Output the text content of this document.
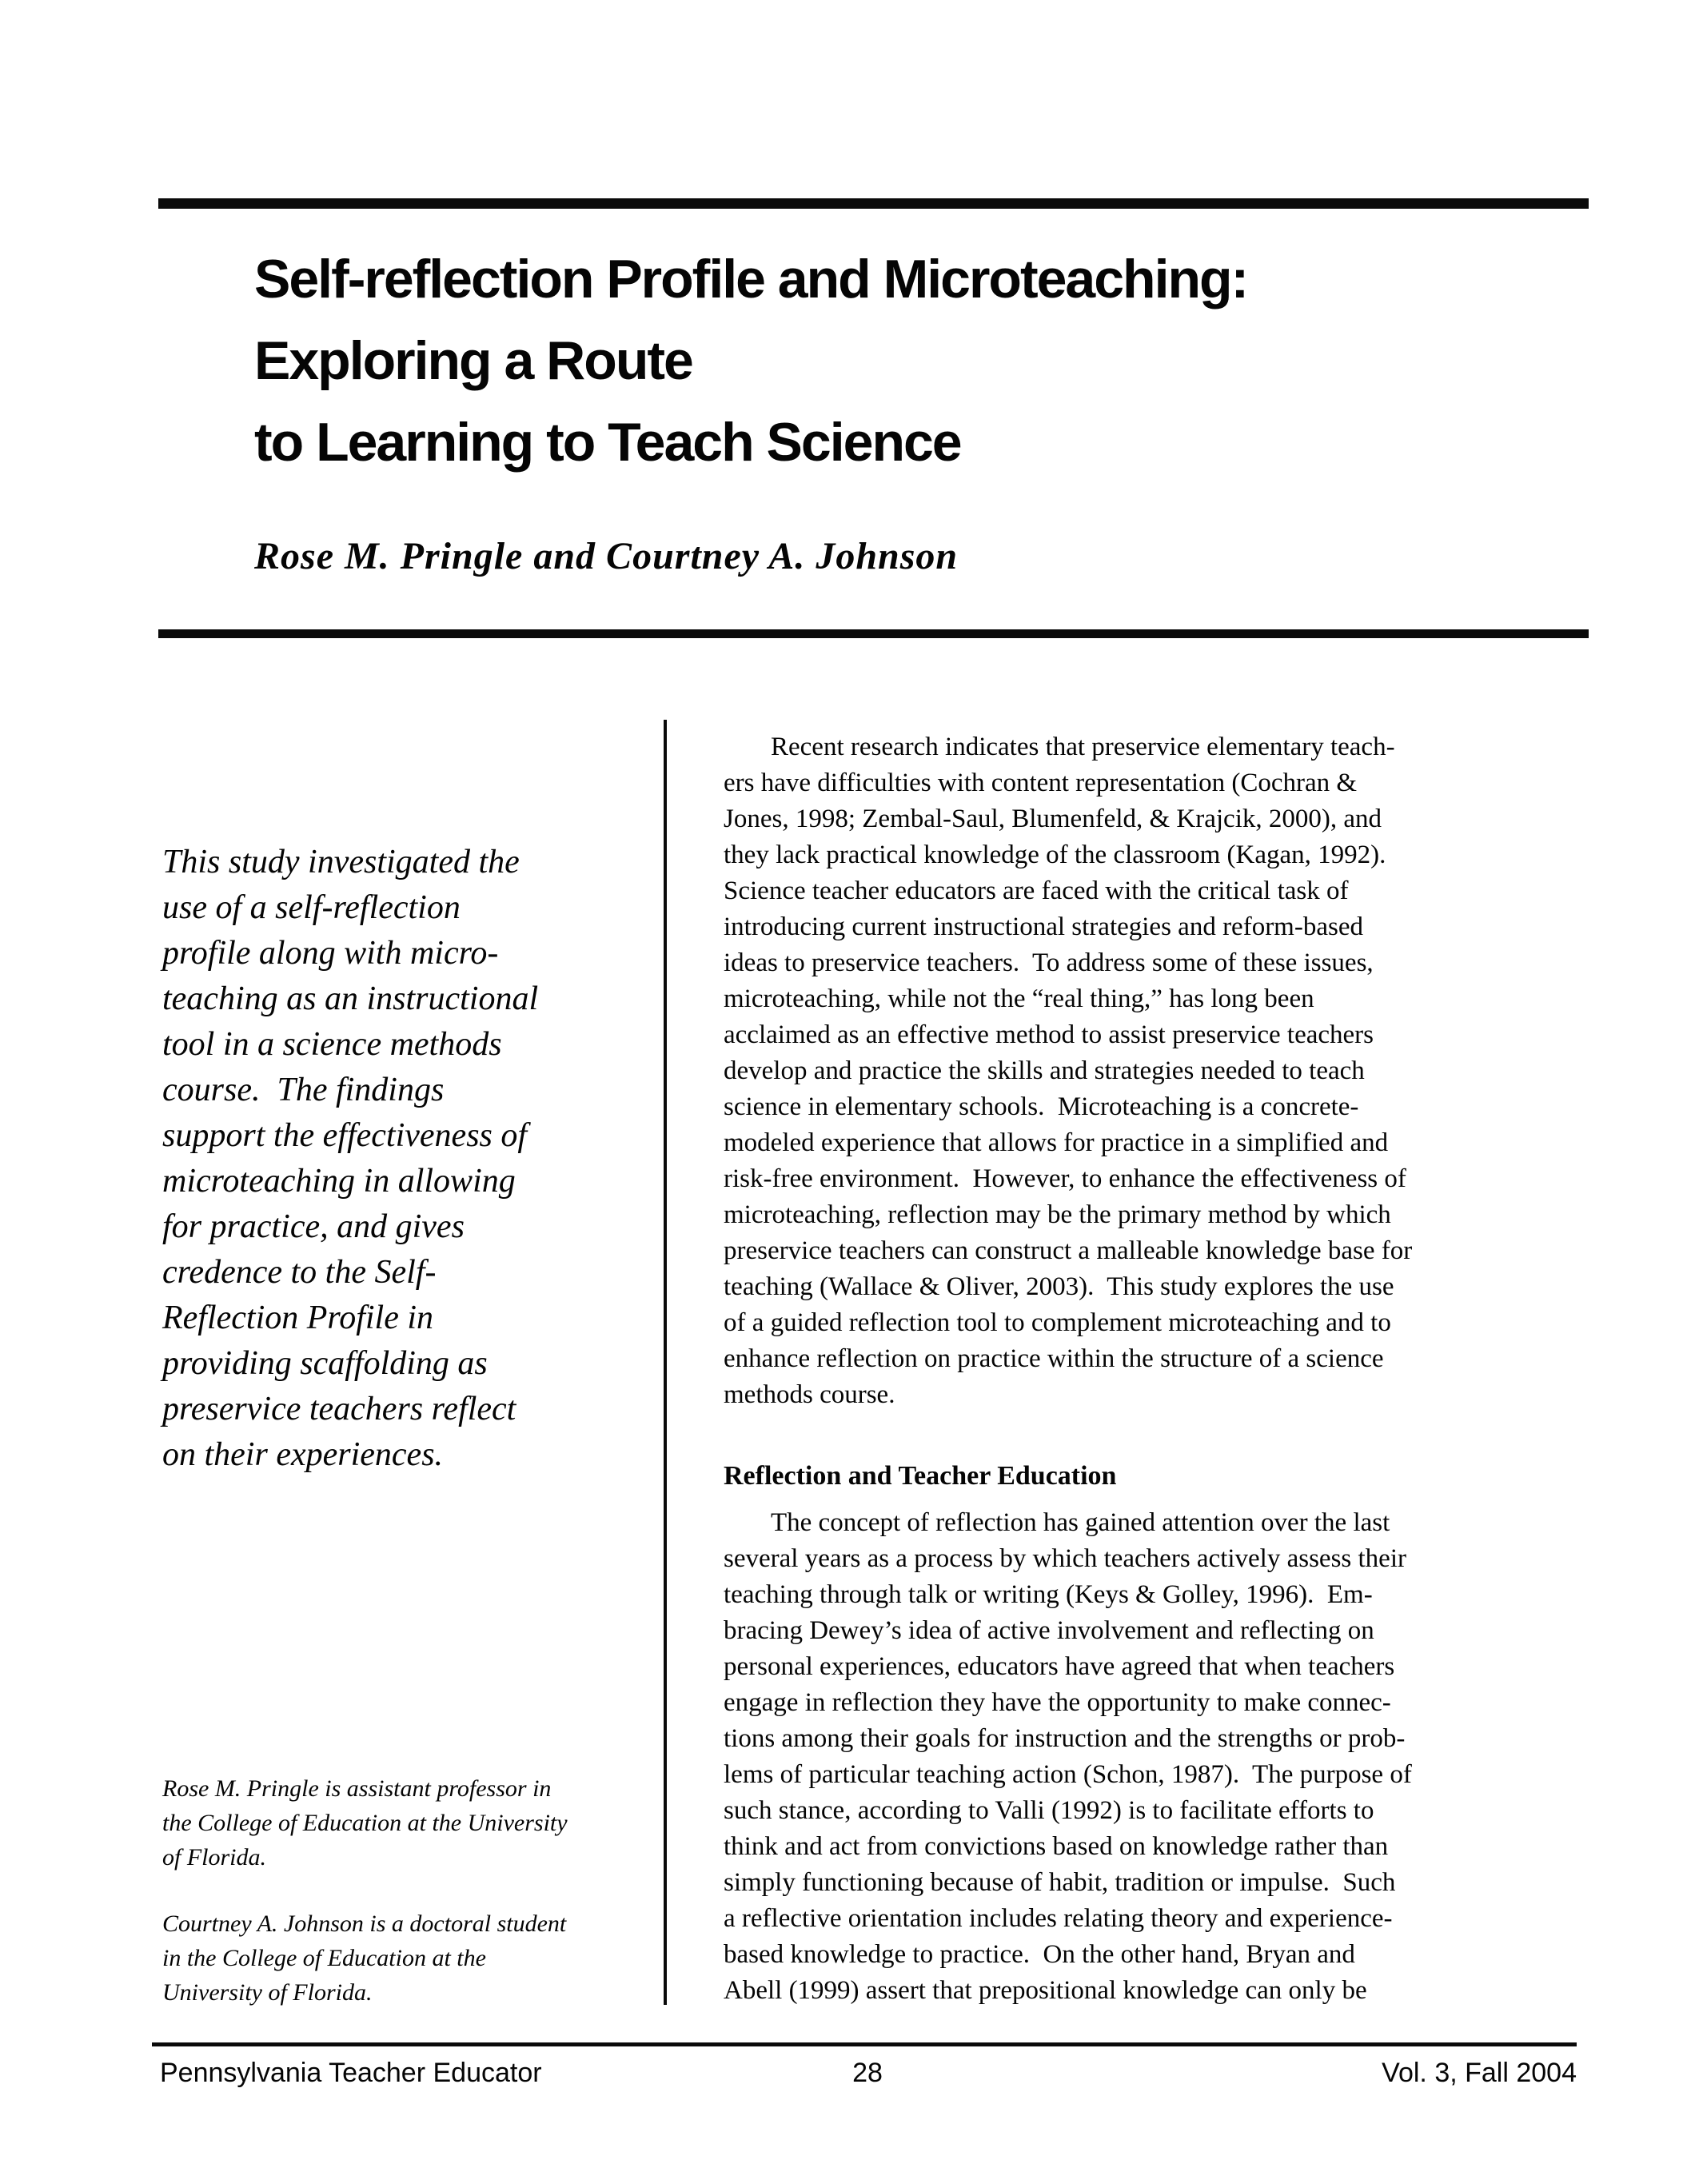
Self-reflection Profile and Microteaching:
Exploring a Route
to Learning to Teach Science
Rose M. Pringle and Courtney A. Johnson
This study investigated the
use of a self-reflection
profile along with micro-
teaching as an instructional
tool in a science methods
course.  The findings
support the effectiveness of
microteaching in allowing
for practice, and gives
credence to the Self-
Reflection Profile in
providing scaffolding as
preservice teachers reflect
on their experiences.

Rose M. Pringle is assistant professor in
the College of Education at the University
of Florida.

Courtney A. Johnson is a doctoral student
in the College of Education at the
University of Florida.

Recent research indicates that preservice elementary teach-
ers have difficulties with content representation (Cochran &
Jones, 1998; Zembal-Saul, Blumenfeld, & Krajcik, 2000), and
they lack practical knowledge of the classroom (Kagan, 1992).
Science teacher educators are faced with the critical task of
introducing current instructional strategies and reform-based
ideas to preservice teachers.  To address some of these issues,
microteaching, while not the “real thing,” has long been
acclaimed as an effective method to assist preservice teachers
develop and practice the skills and strategies needed to teach
science in elementary schools.  Microteaching is a concrete-
modeled experience that allows for practice in a simplified and
risk-free environment.  However, to enhance the effectiveness of
microteaching, reflection may be the primary method by which
preservice teachers can construct a malleable knowledge base for
teaching (Wallace & Oliver, 2003).  This study explores the use
of a guided reflection tool to complement microteaching and to
enhance reflection on practice within the structure of a science
methods course.

Reflection and Teacher Education

The concept of reflection has gained attention over the last
several years as a process by which teachers actively assess their
teaching through talk or writing (Keys & Golley, 1996).  Em-
bracing Dewey’s idea of active involvement and reflecting on
personal experiences, educators have agreed that when teachers
engage in reflection they have the opportunity to make connec-
tions among their goals for instruction and the strengths or prob-
lems of particular teaching action (Schon, 1987).  The purpose of
such stance, according to Valli (1992) is to facilitate efforts to
think and act from convictions based on knowledge rather than
simply functioning because of habit, tradition or impulse.  Such
a reflective orientation includes relating theory and experience-
based knowledge to practice.  On the other hand, Bryan and
Abell (1999) assert that prepositional knowledge can only be

Pennsylvania Teacher Educator	28	Vol. 3, Fall 2004
